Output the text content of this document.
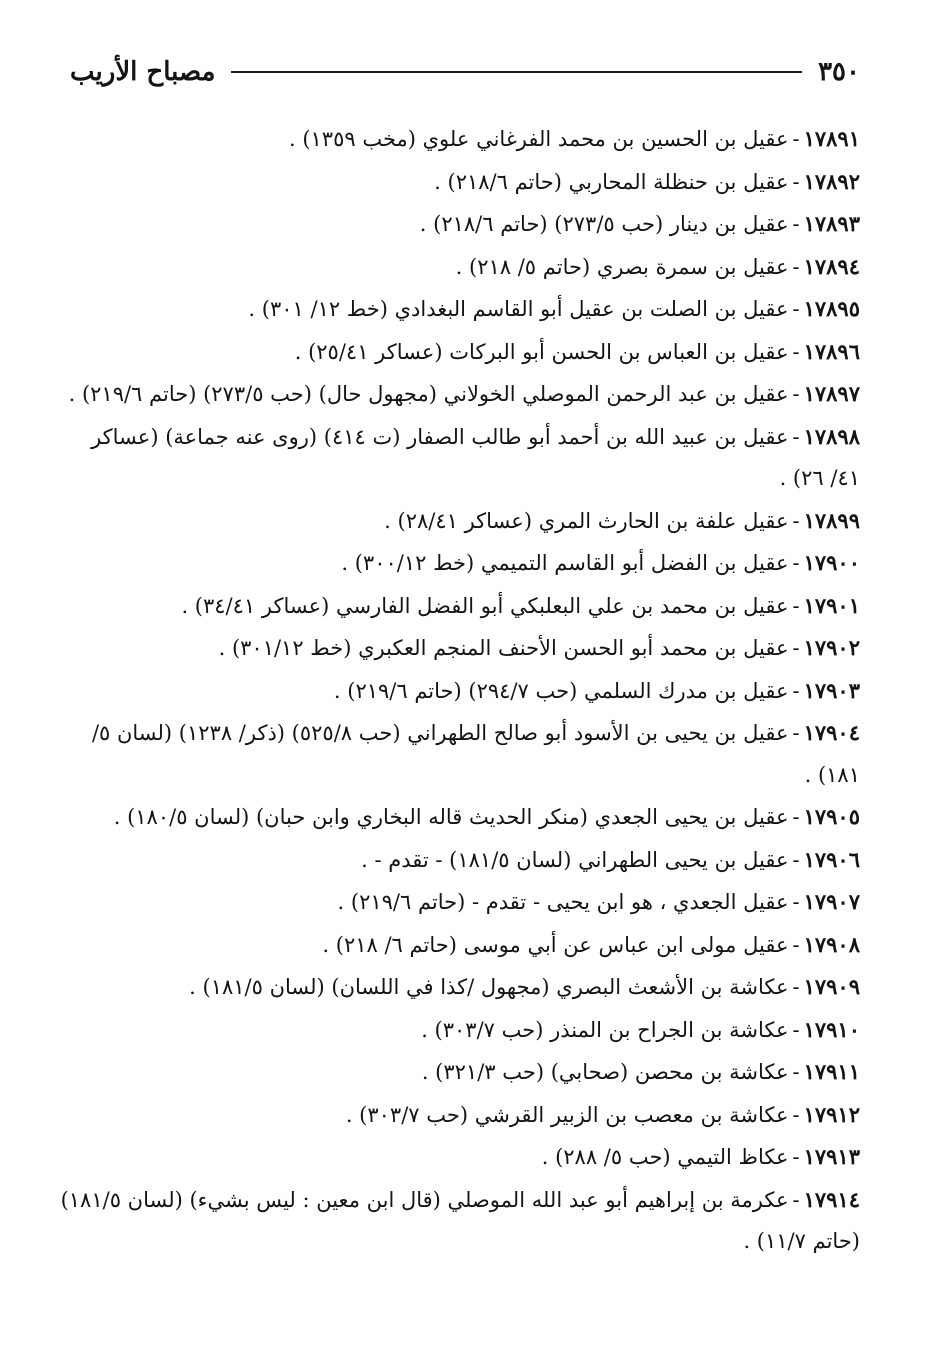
٣٥٠
مصباح الأريب

١٧٨٩١-عقيل بن الحسين بن محمد الفرغاني علوي (مخب ١٣٥٩) .

١٧٨٩٢-عقيل بن حنظلة المحاربي (حاتم ٢١٨/٦) .

١٧٨٩٣-عقيل بن دينار (حب ٢٧٣/٥) (حاتم ٢١٨/٦) .

١٧٨٩٤-عقيل بن سمرة بصري (حاتم ٥/ ٢١٨) .

١٧٨٩٥-عقيل بن الصلت بن عقيل أبو القاسم البغدادي (خط ١٢/ ٣٠١) .

١٧٨٩٦-عقيل بن العباس بن الحسن أبو البركات (عساكر ٢٥/٤١) .

١٧٨٩٧-عقيل بن عبد الرحمن الموصلي الخولاني (مجهول حال) (حب ٢٧٣/٥) (حاتم ٢١٩/٦) .

١٧٨٩٨-عقيل بن عبيد الله بن أحمد أبو طالب الصفار (ت ٤١٤) (روى عنه جماعة) (عساكر ٤١/ ٢٦) .

١٧٨٩٩-عقيل علفة بن الحارث المري (عساكر ٢٨/٤١) .

١٧٩٠٠-عقيل بن الفضل أبو القاسم التميمي (خط ٣٠٠/١٢) .

١٧٩٠١-عقيل بن محمد بن علي البعلبكي أبو الفضل الفارسي (عساكر ٣٤/٤١) .

١٧٩٠٢-عقيل بن محمد أبو الحسن الأحنف المنجم العكبري (خط ٣٠١/١٢) .

١٧٩٠٣-عقيل بن مدرك السلمي (حب ٢٩٤/٧) (حاتم ٢١٩/٦) .

١٧٩٠٤-عقيل بن يحيى بن الأسود أبو صالح الطهراني (حب ٥٢٥/٨) (ذكر/ ١٢٣٨) (لسان ٥/ ١٨١) .

١٧٩٠٥-عقيل بن يحيى الجعدي (منكر الحديث قاله البخاري وابن حبان) (لسان ١٨٠/٥) .

١٧٩٠٦-عقيل بن يحيى الطهراني (لسان ١٨١/٥) - تقدم - .

١٧٩٠٧-عقيل الجعدي ، هو ابن يحيى - تقدم - (حاتم ٢١٩/٦) .

١٧٩٠٨-عقيل مولى ابن عباس عن أبي موسى (حاتم ٦/ ٢١٨) .

١٧٩٠٩-عكاشة بن الأشعث البصري (مجهول /كذا في اللسان) (لسان ١٨١/٥) .

١٧٩١٠-عكاشة بن الجراح بن المنذر (حب ٣٠٣/٧) .

١٧٩١١-عكاشة بن محصن (صحابي) (حب ٣٢١/٣) .

١٧٩١٢-عكاشة بن معصب بن الزبير القرشي (حب ٣٠٣/٧) .

١٧٩١٣-عكاظ التيمي (حب ٥/ ٢٨٨) .

١٧٩١٤-عكرمة بن إبراهيم أبو عبد الله الموصلي (قال ابن معين : ليس بشيء) (لسان ١٨١/٥) (حاتم ١١/٧) .
